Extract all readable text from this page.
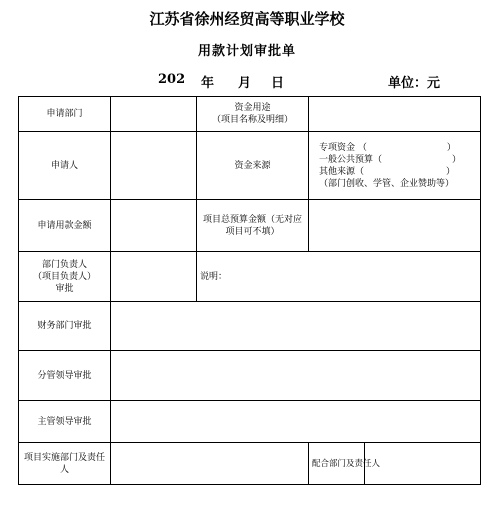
江苏省徐州经贸高等职业学校
用款计划审批单
202 年 月 日	单位：元
申请部门		资金用途
（项目名称及明细）		
申请人		资金来源	专项资金 （ ）
一般公共预算（ ）
其他来源（ ）
（部门创收、学管、企业赞助等）	

申请用款金额		项目总预算金额（无对应项目可不填）		
部门负责人
（项目负责人）
审批		说明：		
财务部门审批				
分管领导审批				
主管领导审批				
项目实施部门及责任人			配合部门及责任人	
